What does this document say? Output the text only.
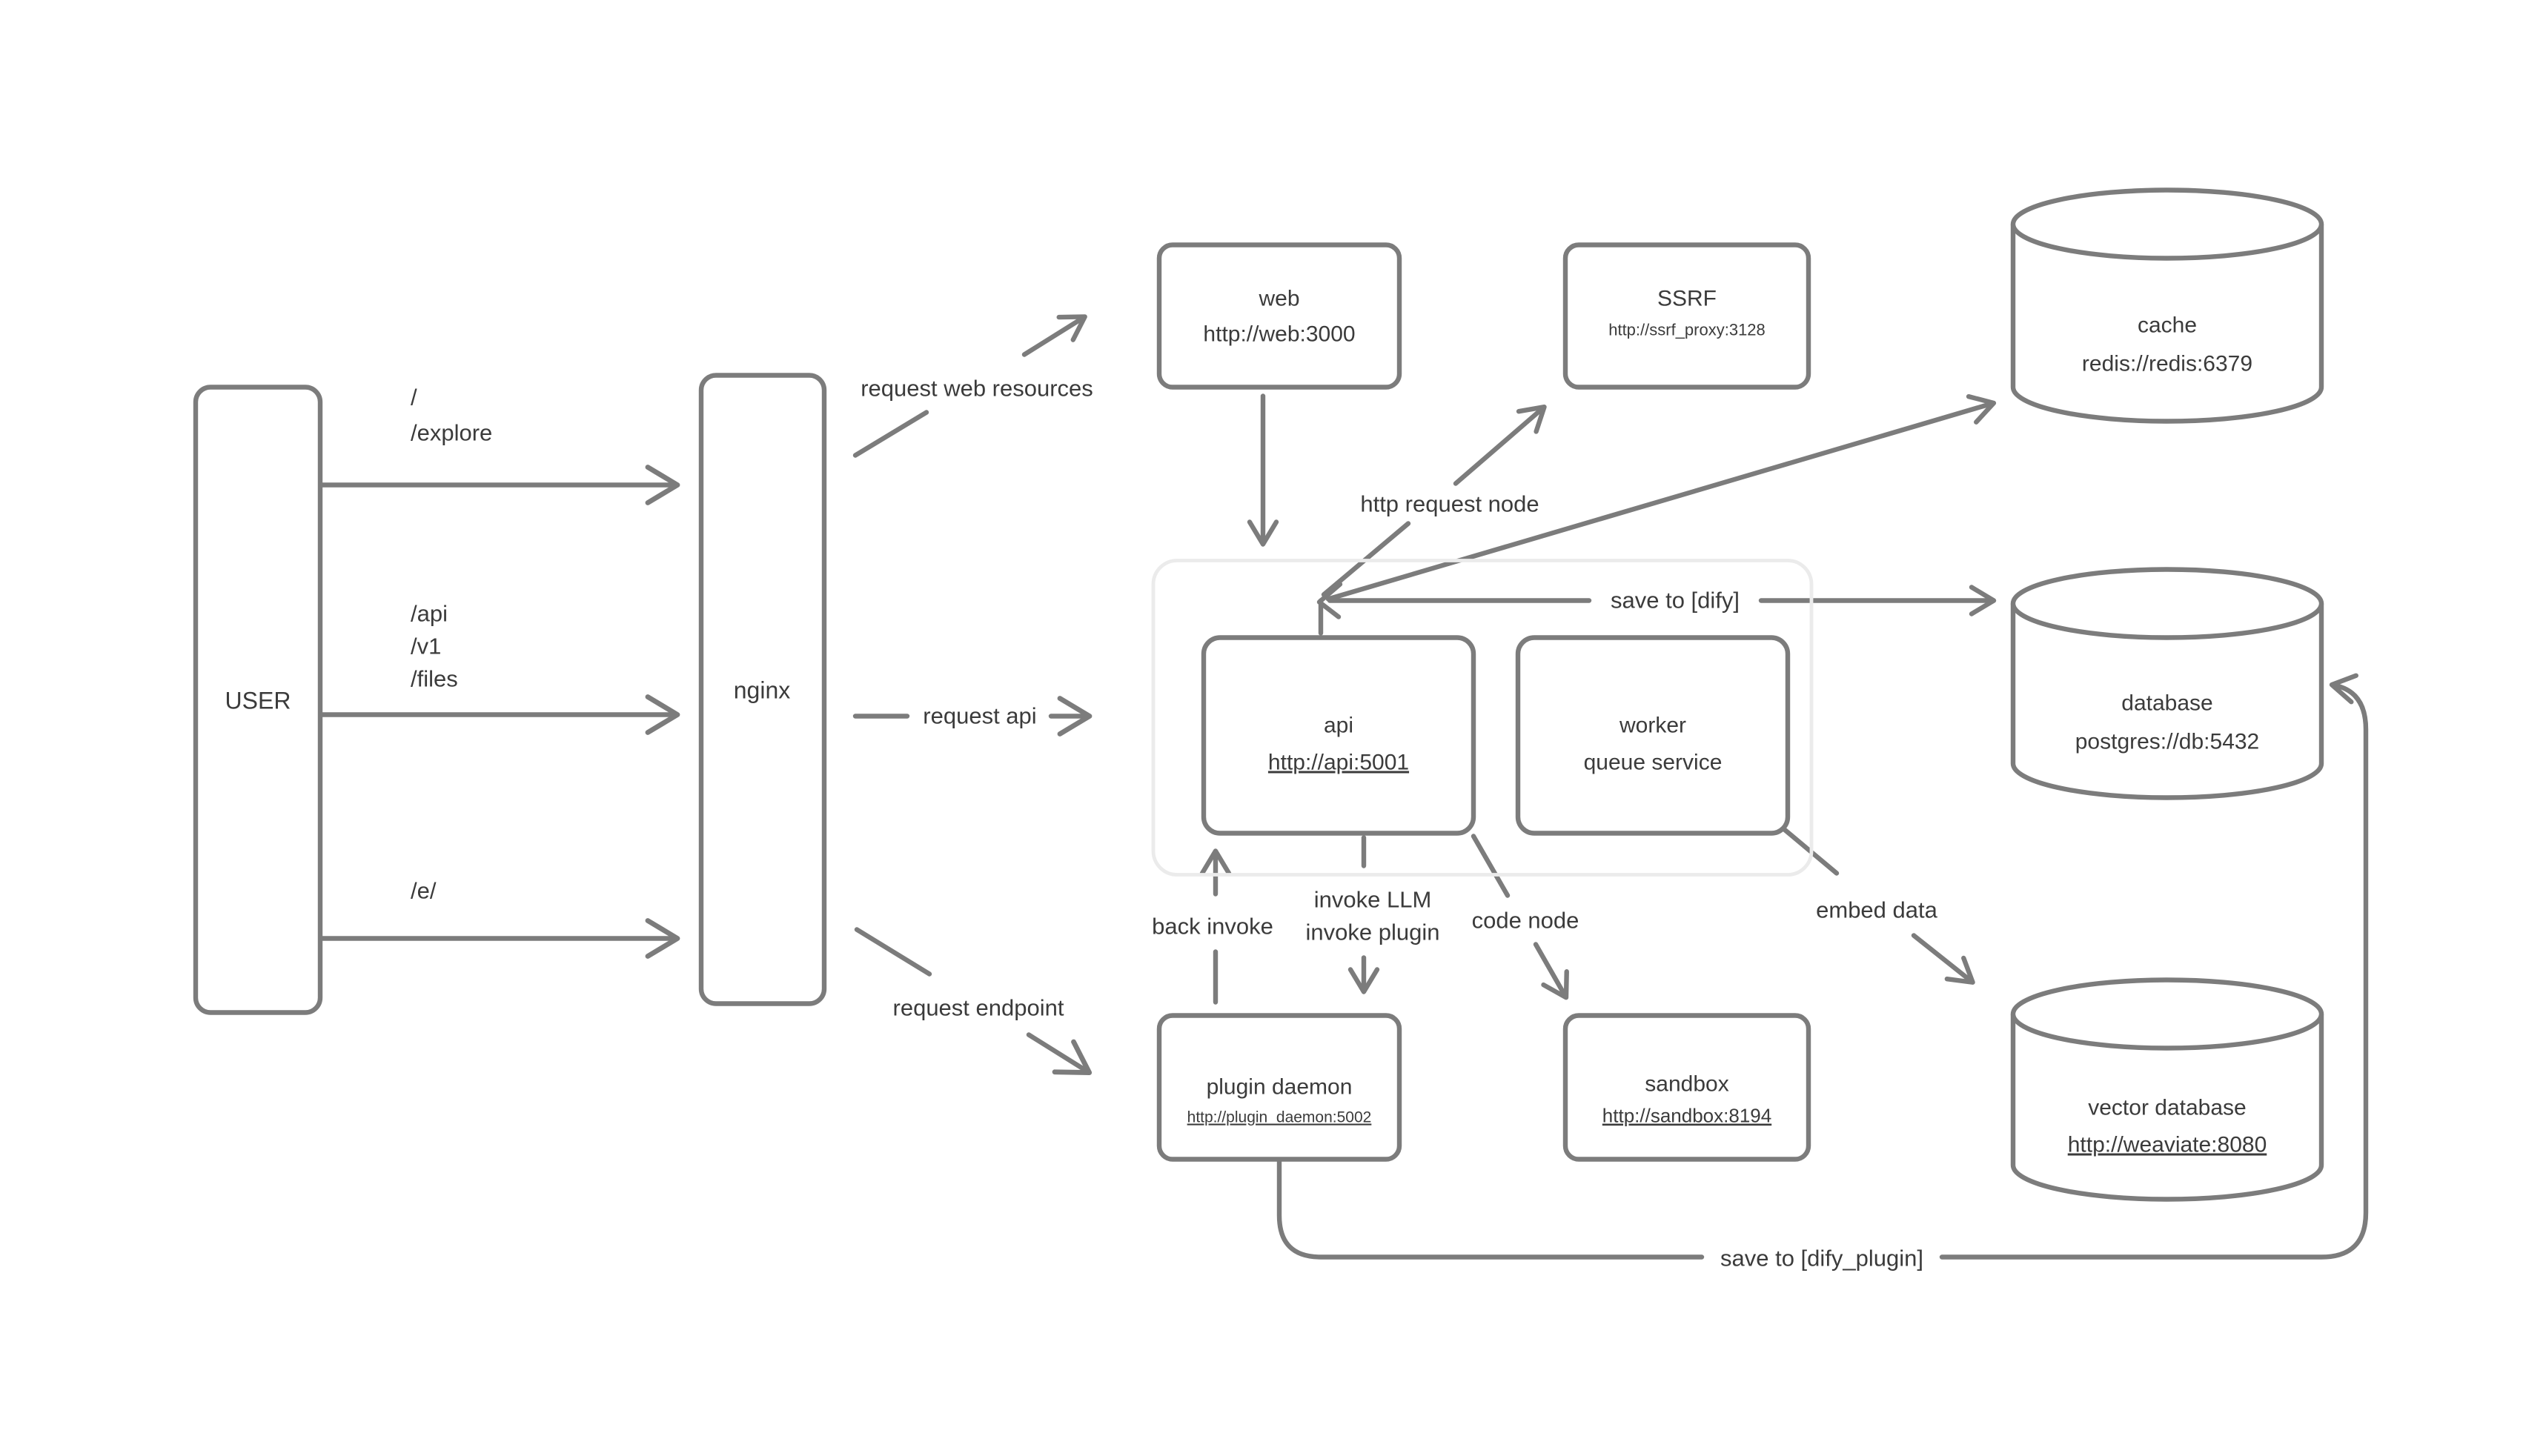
/
/explore
/api
/v1
/files
/e/
request web resources
request api
request endpoint
http request node
save to [dify]
back invoke
invoke LLM
invoke plugin	code node	embed data
save to [dify_plugin]
USER	nginx
web
http://web:3000
SSRF
http://ssrf_proxy:3128	cache
redis://redis:6379
api
http://api:5001
worker
queue service
database
postgres://db:5432
plugin daemon
http://plugin_daemon:5002
sandbox
http://sandbox:8194	vector database
http://weaviate:8080
